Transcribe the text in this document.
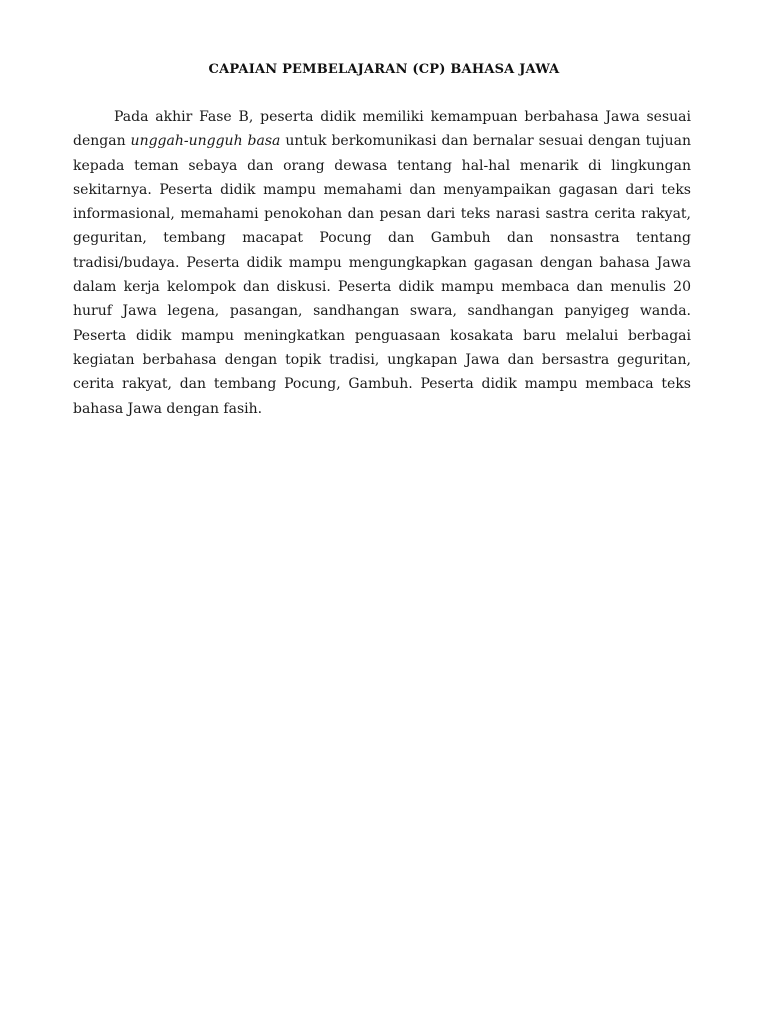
CAPAIAN PEMBELAJARAN (CP) BAHASA JAWA

Pada akhir Fase B, peserta didik memiliki kemampuan berbahasa Jawa sesuai dengan unggah-ungguh basa untuk berkomunikasi dan bernalar sesuai dengan tujuan kepada teman sebaya dan orang dewasa tentang hal-hal menarik di lingkungan sekitarnya. Peserta didik mampu memahami dan menyampaikan gagasan dari teks informasional, memahami penokohan dan pesan dari teks narasi sastra cerita rakyat, geguritan, tembang macapat Pocung dan Gambuh dan nonsastra tentang tradisi/budaya. Peserta didik mampu mengungkapkan gagasan dengan bahasa Jawa dalam kerja kelompok dan diskusi. Peserta didik mampu membaca dan menulis 20 huruf Jawa legena, pasangan, sandhangan swara, sandhangan panyigeg wanda. Peserta didik mampu meningkatkan penguasaan kosakata baru melalui berbagai kegiatan berbahasa dengan topik tradisi, ungkapan Jawa dan bersastra geguritan, cerita rakyat, dan tembang Pocung, Gambuh. Peserta didik mampu membaca teks bahasa Jawa dengan fasih.
